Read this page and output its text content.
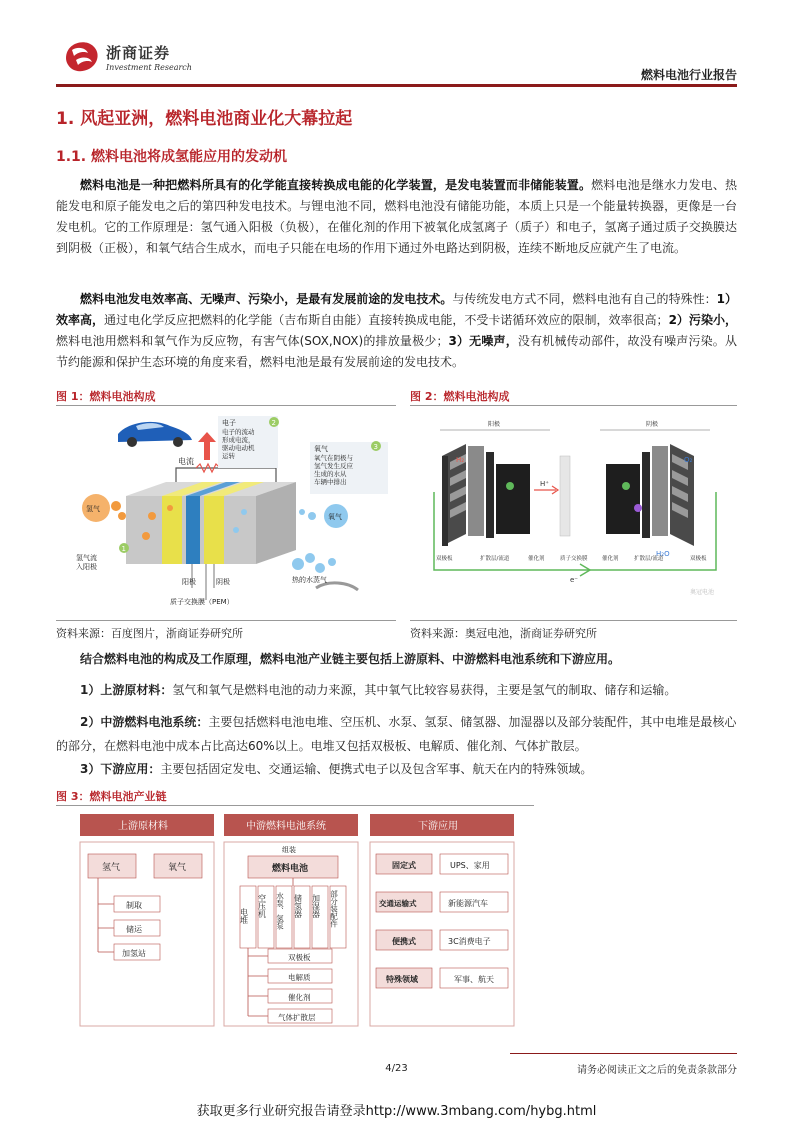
浙商证券
Investment Research
燃料电池行业报告
1. 风起亚洲，燃料电池商业化大幕拉起
1.1. 燃料电池将成氢能应用的发动机
燃料电池是一种把燃料所具有的化学能直接转换成电能的化学装置，是发电装置而非储能装置。燃料电池是继水力发电、热能发电和原子能发电之后的第四种发电技术。与锂电池不同，燃料电池没有储能功能，本质上只是一个能量转换器，更像是一台发电机。它的工作原理是：氢气通入阳极（负极），在催化剂的作用下被氧化成氢离子（质子）和电子，氢离子通过质子交换膜达到阴极（正极），和氧气结合生成水，而电子只能在电场的作用下通过外电路达到阴极，连续不断地反应就产生了电流。
燃料电池发电效率高、无噪声、污染小，是最有发展前途的发电技术。与传统发电方式不同，燃料电池有自己的特殊性：1）效率高，通过电化学反应把燃料的化学能（吉布斯自由能）直接转换成电能，不受卡诺循环效应的限制，效率很高；2）污染小，燃料电池用燃料和氧气作为反应物，有害气体(SOX,NOX)的排放量极少；3）无噪声，没有机械传动部件，故没有噪声污染。从节约能源和保护生态环境的角度来看，燃料电池是最有发展前途的发电技术。
图 1：燃料电池构成	图 2：燃料电池构成
电流
电子
电子的流动
形成电流，
驱动电动机
运转
2
氧气
氧气在阴极与
氢气发生反应
生成的水从
车辆中排出
3
氢气
1
氢气流
入阳极
氧气
热的水蒸气
阳极	阴极
质子交换膜（PEM）
阳极	阴极
e⁻
H₂
H⁺
O₂
H₂O
双极板	扩散层/流道	催化剂	质子交换膜	催化剂	扩散层/流道	双极板
奥冠电池
资料来源：百度图片，浙商证券研究所	资料来源：奥冠电池，浙商证券研究所
结合燃料电池的构成及工作原理，燃料电池产业链主要包括上游原料、中游燃料电池系统和下游应用。
1）上游原材料：氢气和氧气是燃料电池的动力来源，其中氧气比较容易获得，主要是氢气的制取、储存和运输。
2）中游燃料电池系统：主要包括燃料电池电堆、空压机、水泵、氢泵、储氢器、加湿器以及部分装配件，其中电堆是最核心的部分，在燃料电池中成本占比高达60%以上。电堆又包括双极板、电解质、催化剂、气体扩散层。
3）下游应用：主要包括固定发电、交通运输、便携式电子以及包含军事、航天在内的特殊领域。
图 3：燃料电池产业链
上游原材料
氢气	氧气
制取
储运
加氢站
中游燃料电池系统
组装
燃料电池
电堆 空压机 水泵、氢泵 储氢器 加湿器 部分装配件
双极板
电解质
催化剂
气体扩散层
下游应用
固定式	UPS、家用
交通运输式	新能源汽车
便携式	3C消费电子
特殊领域	军事、航天
4/23	请务必阅读正文之后的免责条款部分
获取更多行业研究报告请登录http://www.3mbang.com/hybg.html
